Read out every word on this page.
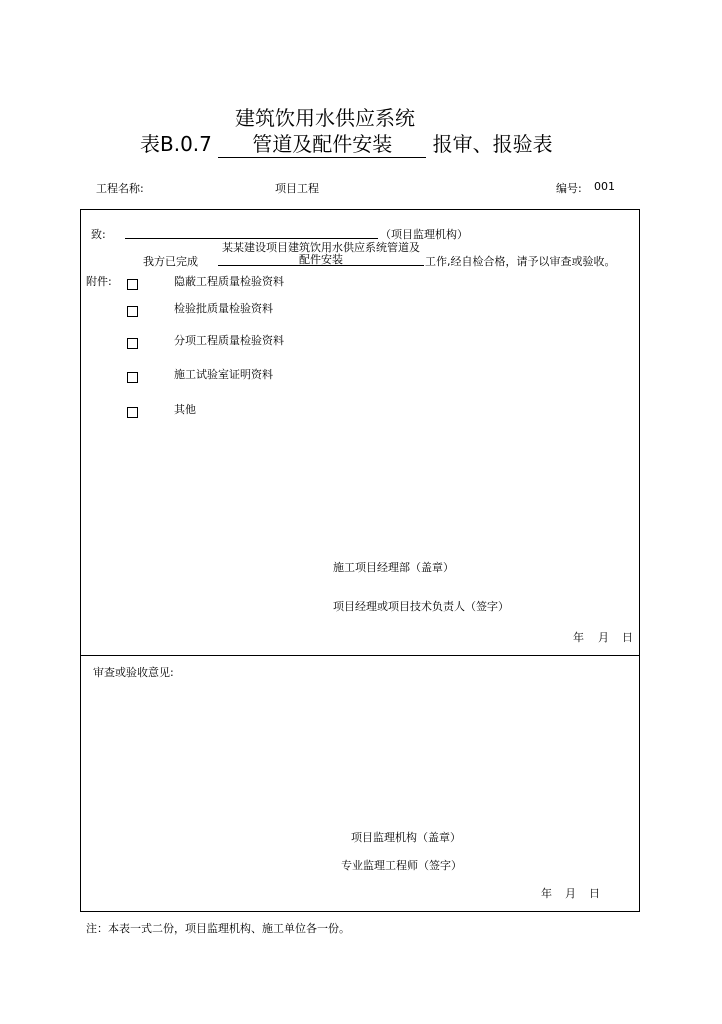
建筑饮用水供应系统
表B.0.7 管道及配件安装 报审、报验表
工程名称:	项目工程	编号: 001
致:	（项目监理机构）
我方已完成
某某建设项目建筑饮用水供应系统管道及
配件安装	工作,经自检合格，请予以审查或验收。
附件:	隐蔽工程质量检验资料
检验批质量检验资料
分项工程质量检验资料
施工试验室证明资料
其他
施工项目经理部（盖章）
项目经理或项目技术负责人（签字）
年 月 日
审查或验收意见:
项目监理机构（盖章）
专业监理工程师（签字）
年 月 日
注：本表一式二份，项目监理机构、施工单位各一份。
